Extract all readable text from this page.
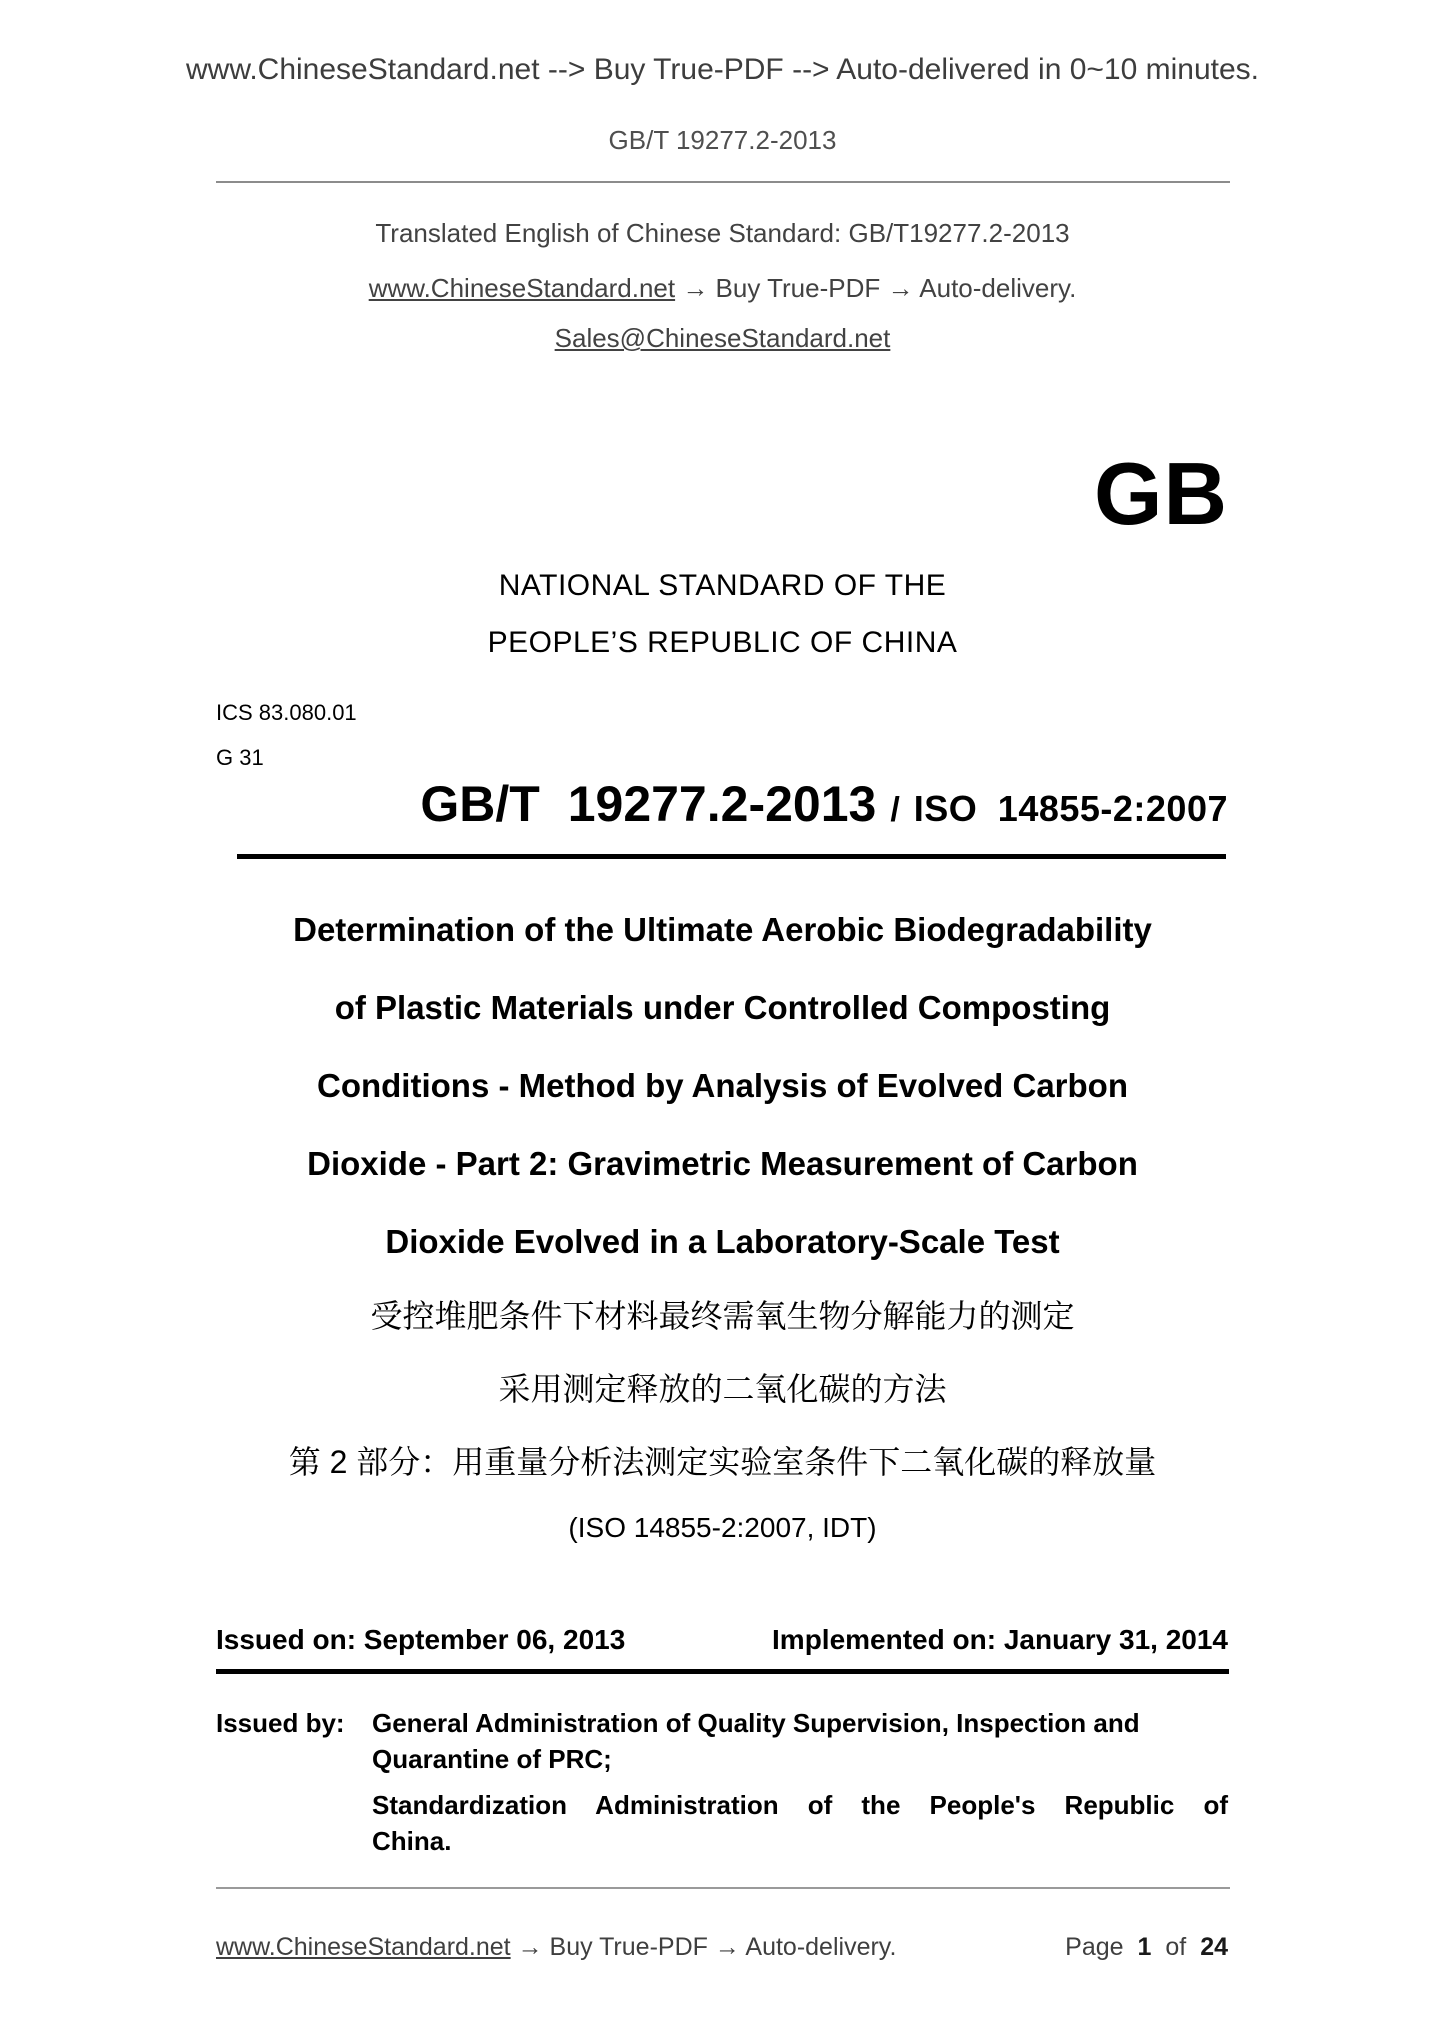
www.ChineseStandard.net --> Buy True-PDF --> Auto-delivered in 0~10 minutes.
GB/T 19277.2-2013
Translated English of Chinese Standard: GB/T19277.2-2013
www.ChineseStandard.net → Buy True-PDF → Auto-delivery.
Sales@ChineseStandard.net
GB
NATIONAL STANDARD OF THE
PEOPLE’S REPUBLIC OF CHINA
ICS 83.080.01
G 31
GB/T 19277.2-2013 / ISO 14855-2:2007
Determination of the Ultimate Aerobic Biodegradability
of Plastic Materials under Controlled Composting
Conditions - Method by Analysis of Evolved Carbon
Dioxide - Part 2: Gravimetric Measurement of Carbon
Dioxide Evolved in a Laboratory-Scale Test
受控堆肥条件下材料最终需氧生物分解能力的测定
采用测定释放的二氧化碳的方法
第 2 部分：用重量分析法测定实验室条件下二氧化碳的释放量
(ISO 14855-2:2007, IDT)
Issued on: September 06, 2013	Implemented on: January 31, 2014
Issued by: General Administration of Quality Supervision, Inspection and
Quarantine of PRC;
Standardization Administration of the People's Republic of
China.
www.ChineseStandard.net → Buy True-PDF → Auto-delivery.	Page 1 of 24
